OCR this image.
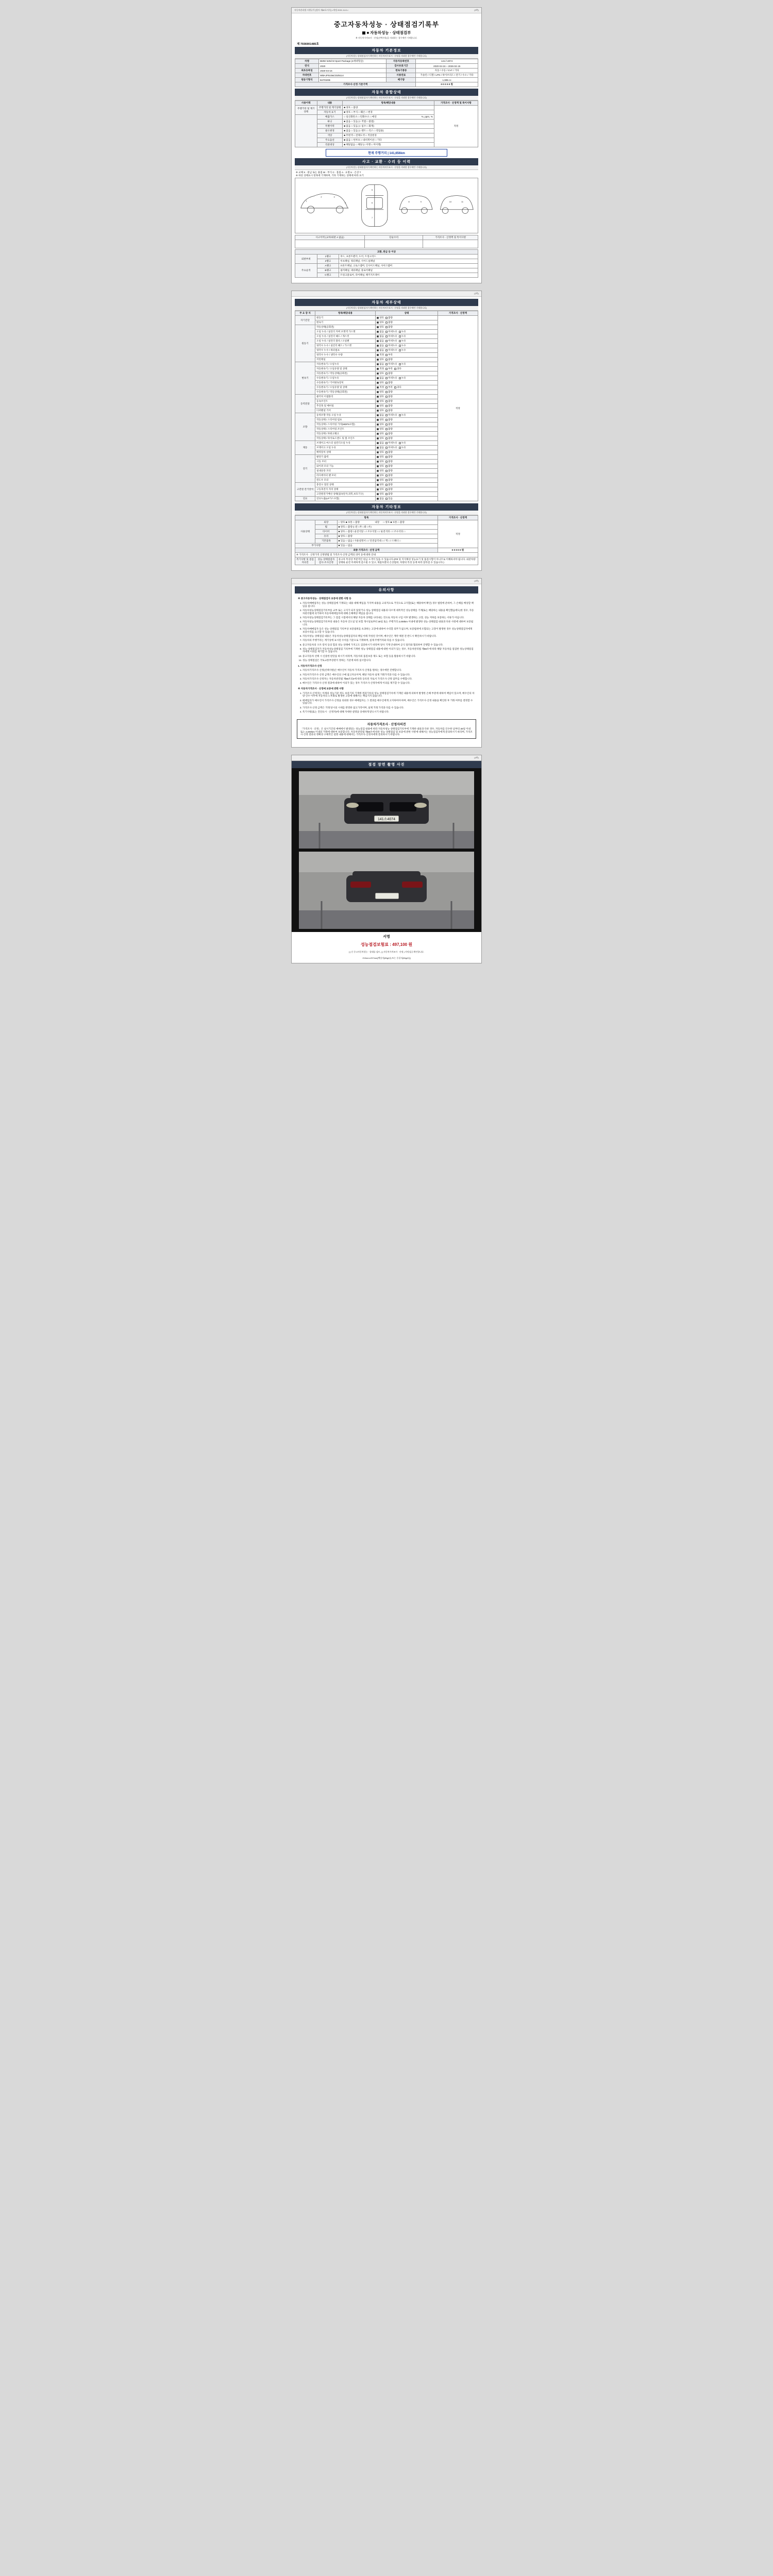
자동차관리법 시행규칙 [별지 제82호서식] <개정 2021.11.8.>	(3쪽)
중고자동차성능 · 상태점검기록부
■ 자동차성능 · 상태점검부
※ 자동차가격조사 · 산정(선택사항)을 의뢰하는 경우에만 기재합니다.
제 7936901485호
자동차 기본정보
(자동차성능·상태점검자가 확인하는 자동차의무표시 · 산정을 의뢰한 경우에만 기재합니다)
차명	BMW 520d M Sport Package (4세대형급)	자동차등록번호	141소4074
연식	2020	검사유효기간	2020-04-16 ~ 2026-04-15
최초등록일	2020-04-16	변속기종류	자동 / 수동 / CVT / 기타
차대번호	WBAJF510&CDZ5114	사용연료	가솔린 / 디젤 / LPG / 하이브리드 / 전기 / 수소 / 기타
원동기형식	B47D20B	배기량	1,995 cc
가격조사·산정 기준가액			0 0 0 0 0 원
자동차 종합상태
(자동차성능·상태점검자가 확인하는 자동차의무표시 · 산정을 의뢰한 경우에만 기재합니다)
사용이력	내용	항목/해당내용	가격조사 · 산정액 및 특이사항
주행거리 및 계기상태	주행거리 및 계기상태	■ 양호 □ 불량	적정
	자동차 표기	■ 양호 □ 부식 □ 훼손 □ 변경	
	배출가스	□ 일산화탄소 □ 탄화수소 □ 매연 %, ppm, %	

	튜닝	■ 없음 □ 있음 (□ 적법 □ 불법)	
	특별이력	■ 없음 □ 있음 (□ 침수 □ 화재)	
	용도변경	■ 없음 □ 있음 (□ 렌트 □ 리스 □ 영업용)	
	색상	■ 무변색 □ 전체도색 □ 색상변경	
	주요옵션	■ 없음 □ 썬루프 □ 내비게이션 □ 기타	
	리콜대상	■ 해당없음 □ 해당 (□ 이행 □ 미이행)	
현재 주행거리 | 141,656km
사고 · 교환 · 수리 등 이력
(자동차성능·상태점검자가 확인하는 자동차의무표시 · 산정을 의뢰한 경우에만 기재합니다)
※ 교체 X · 판금 또는 용접 W · 부식 C · 흠집 A · 요철 U · 손상 T
※ 하단 상태표시 항목에 기재하며, 기타 기재하는 상태에 따라 표기
1
2	3
4
5
6
7
8	9	10	11
사고이력 (교차/외판 A 없음)	단순수리	가격조사 · 산정액 및 특이사항

교환, 판금 등 이상		
외판부위	1랭크	후드, 프론트펜더, 도어, 트렁크리드
	2랭크	루프패널, 쿼터패널, 사이드실패널
주요골격	A랭크	프론트패널, 크로스멤버, 인사이드패널, 사이드멤버
	B랭크	필러패널, 대쉬패널, 플로어패널
	C랭크	트렁크플로어, 리어패널, 패키지트레이
(2쪽)
자동차 세부상태
(자동차성능·상태점검자가 확인하는 자동차의무표시 · 산정을 의뢰한 경우에만 기재합니다)
주 요 장 치	항목/해당내용	상태	가격조사 · 산정액
자기진단	원동기	양호 불량	적정
	변속기	양호 불량	
원동기	작동상태(공회전)	양호 불량	
	오일 누유 / 실린더 커버 포켓섹 가스켓	없음 미세누유 누유	
	오일 누유 / 실린더 헤드 / 개스킷	없음 미세누유 누유	
	오일 누유 / 실린더 블록 / 오일팬	없음 미세누유 누유	
	냉각수 누수 / 실린더 헤드 / 가스켓	없음 미세누수 누수	
	냉각수 누수 / 워터펌프	없음 미세누수 누수	
	냉각수 누수 / 냉각수 수량	적정 부족	
	커먼레일	양호 불량	
변속기	자동변속기 / 오일누유	없음 미세누유 누유	
	자동변속기 / 오일유량 및 상태	적정 부족 과다	
	자동변속기 / 작동상태(공회전)	양호 불량	
	수동변속기 / 오일누유	없음 미세누유 누유	
	수동변속기 / 기어변속장치	양호 불량	
	수동변속기 / 오일유량 및 상태	적정 부족 과다	
	수동변속기 / 작동상태(공회전)	양호 불량	
동력전달	클러치 어셈블리	양호 불량	
	등속조인트	양호 불량	
	추진축 및 베어링	양호 불량	
	디퍼렌셜 기어	양호 불량	
조향	동력조향 작동 오일 누유	없음 미세누유 누유	
	작동상태 / 스티어링 펌프	양호 불량	
	작동상태 / 스티어링 기어(MDPS포함)	양호 불량	
	작동상태 / 스티어링 조인트	양호 불량	
	작동상태 / 파워크랭크	양호 불량	
	작동상태 / 타이로드엔드 및 볼 조인트	양호 불량	
제동	브레이크 마스터 실린더오일 누유	없음 미세누유 누유	
	브레이크 오일 누유	없음 미세누유 누유	
	배력장치 상태	양호 불량	
전기	발전기 출력	양호 불량	
	시동 모터	양호 불량	
	와이퍼 모터 기능	양호 불량	
	실내송풍 모터	양호 불량	
	라디에이터 팬 모터	양호 불량	
	윈도우 모터	양호 불량	
고전원 전기장치	충전구 절연 상태	양호 불량	
	구동축전지 격리 상태	양호 불량	
	고전원전기배선 상태(접속단자,피복,보호기구)	양호 불량	
연료	연료누출(LP가스포함)	없음 있음	
자동차 기타정보
(자동차성능·상태점검자가 확인하는 자동차의무표시 · 산정을 의뢰한 경우에만 기재합니다)
항목			가격조사 · 산정액
사용상태	외장	□ 양호 ■ 보통 □ 불량 내장 □ 양호 ■ 보통 □ 불량	적정
	휠	■ 양호 □ 불량 (□전 □후 □좌 □우)	
	타이어	■ 양호 □ 불량 / 운전석앞 □ / 조수석앞 □ / 운전석뒤 □ / 조수석뒤 □	
	유리	■ 양호 □ 불량	
	기본품목	■ 있음 □ 없음 / 사용설명서 □ / 안전삼각대 □ / 잭 □ / 스패너 □	
부가사항		■ 있음 □ 없음	
최종 가격조사 · 산정 금액			0 0 0 0 0 원
※ 가격조사 · 산정가격 산정방법 및 가격조사·산정 금액의 의미 등에 대한 안내			
특기사항 및 점검자의견	성능·상태점검자
검사·조사산정	중고차 특성상 부분적인 판금 도색이 있을 수 있습니다.(РЯ 및 지지체성 성능표기 및 품질시험이 아니므로 이해하셔야 됩니다. 외관차량 상태와 운전 미세하게 감소될 수 있고, 제품호환의 손상범위, 차량의 특성 등에 따라 달라질 수 있습니다.)	
(3쪽)
유의사항
※ 중고자동차성능 · 상태점검자 보증에 관한 사항 등
1. 자동차매매업자는 성능·상태점검에 기재되는 내용 대해 책임을 가지며 내용을 고의적으로 거짓으로 고지할(또는 해당하여 확인) 경우 법령에 준하여, 그 손해를 배상할 책임을 집니다.
2. 자동차성능상태점검기록부를 교부 또는 고지가 되지 않았거나 성능·상태점검 내용과 다르게 대폭적인 성능상태를 기재(또는 해당하는 내용을 확인했음에도)한 경우, 자동차관리법에 의거하여 자동차매매업자에 대해 손해배상 책임을 집니다.
3. 자동차성능상태점검기록부는 그 점검 시점에서의 해당 자동차 상태를 나타내는 것으로 자동차 구입 이후 발생하는 고장, 성능 저하를 보증하는 서류가 아닙니다.
4. 자동차성능상태점검기록부의 내용은 자동차 인도일 및 보험 개시일로부터 30일 또는 주행거리 2,000km 이내에 발생한 성능·상태점검 내용과 다른 사항에 대하여 보증됩니다.
5. 자동차매매업자 등은 성능·상태점검 기록부상 보증범위를 초과하는 고장에 대하여 수리할 의무가 없으며, 보증범위에 포함되는 고장이 발생한 경우 성능상태점검자에게 보증수리를 요구할 수 있습니다.
6. 자동차성능·상태점검 내용은 자동차성능상태점검자의 책임 아래 작성된 것이며, 매수인은 계약 체결 전 반드시 확인하시기 바랍니다.
7. 자동차의 주행거리는 계기상에 표시된 수치를 기준으로 기재하며, 실제 주행거리와 다를 수 있습니다.
8. 중고자동차의 구조·장치 등의 힘의 성능·상태에 가지고도 검증하시기 바라며 당사 기재 안내하여 공식 딜러와 협의하여 진행할 수 있습니다.
9. 성능·상태점검자가 자동차성능상태점검 기록부에 기재한 성능·상태점검 내용에 대한 이의가 있는 경우, 자동차관리법 제58조에 따라 해당 자동차를 점검한 성능상태점검자에게 이의를 제기할 수 있습니다.
10. 중고자동차 선택 시 신중한 판단을 하시기 바라며, 자동차의 품질보증 제도 또는 보험 등을 활용하시기 바랍니다.
11. 성능·상태점검은 국토교통부장관이 정하는 기준에 따라 실시합니다.
1. 자동차가격조사·산정
1. 자동차가격조사·산정(선택사항)은 매수인이 자동차 가격조사·산정을 원하는 경우에만 진행합니다.
2. 자동차가격조사·산정 금액은 매수인의 구매 참고자료이며, 해당 자동차 실제 거래가격과 다를 수 있습니다.
3. 자동차가격조사·산정자는 자동차관리법 제58조의4에 따라 등록된 자로서 가격조사·산정 업무를 수행합니다.
4. 매수인은 가격조사·산정 결과에 대하여 이의가 있는 경우 가격조사·산정자에게 이의를 제기할 수 있습니다.
※ 자동차가격조사 · 산정에 보증에 관한 사항
1. 가격조사·산정자는 이래의 성능기준 정도 보증기의 기재에 결과기록의 성능·상태점검기록에 기재된 내용에 의하여 발생한 손해 부분에 대하여 책임이 있으며, 매수인의 차량 인수 이후에 자동차의 노후화로 발생한 고장에 대해서는 책임지지 않습니다.
2. 매매업자가 매수인이 가격조사·산정을 의뢰한 경우 매매업자는 그 결과를 매수인에게 고지하여야 하며, 매수인은 가격조사·산정 내용을 확인한 후 거래 여부를 결정할 수 있습니다.
3. 가격조사·산정 금액은 거래 당시의 시세를 반영한 참고가격이며, 실제 거래 가격과 다를 수 있습니다.
4. 특기사항(또는 진단표시 · 산정자)에 대해 자세한 설명을 상세하게 받으시기 바랍니다.
자동차가격조사 · 산정자의견
「가격조사 · 산정」은 실시기간의 매매에서 발생되는 성능점검 내용에 따라 자동차성능·상태점검기록부에 기재한 내용과 다른 경우, 자동차를 인수한 날부터 30일 이내 또는 2,000km 이내의 거래에 대하여 보증합니다. 자동차관리법 제58조에 따른 성능·상태점검 및 보증에 관한 사항에 대해서는 성능점검자에게 문의하시기 바라며, 가격조사·산정 결과의 정확성 구체적인 설명 내용에 대해서는 가격조사·산정자에게 문의하시기 바랍니다.
(4쪽)
점검 장면 촬영 사진
141소4074
서명
성능점검보험료 : 497,100 원
[ ] 신 중고자동차성능 · 상태를 검토, [ ] 자동차가격조사 · 산정 ) 사망검증 확인합니다.
210mm×297mm[백상지(80g/㎡) 또는 중질지(80g/㎡)]
